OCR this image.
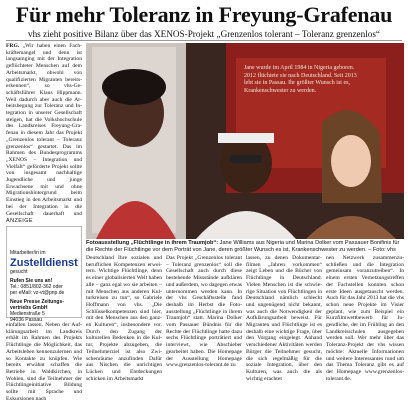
Für mehr Toleranz in Freyung-Grafenau
vhs zieht positive Bilanz über das XENOS-Projekt „Grenzenlos tolerant – Toleranz grenzenlos“

FRG. „Wir haben einen Fachkräftemangel und denn ist langsamging mit der Integration geflüchteter Menschen auf dem Arbeitsmarkt, obwohl von qualifizierten Migranten bereitserkennen“, so vhs-Geschäftsführer Klaus Hippmann. Weil dadurch aber auch die Arbeitsbegung zur Toleranz und Integration in unserer Gesellschaft steigen, hat die Volkshochschule des Landkreises Freyung-Grafenau in diesem Jahr das Projekt „Grenzenlos tolerant – Toleranz grenzenlos“ gestartet. Das im Rahmen des Bundesprogramms „XENOS – Integration und Vielfalt“ geförderte Projekt sollte von insgesamt nachhaltige Jugendliche und junge Erwachsene mit und ohne Migrationshintergrund beim Einstieg in den Arbeitsmarkt und bei der Integration in die Gesellschaft dauerhaft und

ANZEIGE
Mitarbeiter/in im
Zustelldienst
gesucht
Rufen Sie uns an!
Tel.: 0851/802-362 oder
per eMail: vz-vt@pnp.de
Neue Presse Zeitungsvertriebs GmbH
Medienstraße 5
94036 Passau
Jane wurde im April 1984 in Nigeria geboren. 2012 flüchtete sie nach Deutschland. Seit 2013 lebt sie in Passau. Ihr größter Wunsch ist es, Krankenschwester zu werden.
Fotoausstellung „Flüchtlinge in ihrem Traumjob“: Jane Williams aus Nigeria und Marina Dolker vom Passauer Bonifinis für die Rechte der Flüchtlinge vor dem Porträt von Jane, deren größter Wunsch es ist, Krankenschwester zu werden. – Foto: vhs

einfallen lassen. Neben der Aufklärungsarbeit im Landkreis erhält im Rahmen des Projekts Flüchtlinge die Möglichkeit, das Arbeitsleben kennenzulernen und so Kontakte zu knüpfen. Wie bereits erwähnt schaffen die Betriebe in Waldkirchen, in Wohlen, sind die Teilnehmer der Flüchtlingeinitiative Bildung sollte mit Sprache und Exkursionen nach

Deutschland Ihre sozialen und beruflichen Kompetenzen erweitern. Wichtige Flüchtlinge, denn es einer globalisierten Welt haben alle – ganz egal wo sie arbeiten – mit Menschen aus anderen Kulturkreisen zu tun“, so Gabriele Hoffmann von vhs. „Die Schlüsselkompetenzen sind hier, mit den Menschen aus den ganzen Kulturen“, insbesondere vor. Durch den Zugang der kulturellen Bedenken in die Kultur, Projekte abzugeben, die Teilnehmerziel ist also Zwischenräume anzufinden Dafür aus Nischen die unrichtigen Lücken und Entdeckungen schicken im Arbeitsmarkt

Das Projekt „Grenzenlos tolerant – Toleranz grenzenlos“ soll die Gesellschaft auch durch diese bestehende Missstände aufklären und außerdem, wo dagegen etwas unternommen werden kann. In der vhs Geschäftsstelle fand deshalb im Herbst die Fotoausstellung „Flüchtlinge in ihrem Traumjob“ statt. Marina Dolker vom Passauer Bündnis für die Rechte der Flüchtlinge hatte dazu sechs Flüchtlinge porträtiert und interviewt, wie Abschieber gearbeitet haben. Die Homepage der Ausstellung Homepage www.grenzenlos-tolerant.de zu

lassen, zu denen Dokumentarfilmen „Jahren vorkommen“ zeigt Leben und die Bücher von Flüchtlinge in Deutschland. Vielen Menschen ist die schwierige Situation von Flüchtlingen in Deutschland nämlich schlecht und ungenügend nicht bekannt, was auch die Notwendigkeit der Aufklärungsarbeit beweist. Für Migranten und Flüchtlinge ist es deshalb eine wichtige Frage, über den Vorgang eingelegt. Anhand verschiedener Aktivitäten werden Bürger die Teilnehmer gesucht, die sich regelmäßig für die soziale Integration, über den Kulturen, was auch die als wichtig erachtet

nen Netzwerk zusammenzuschließen und die Integration gemeinsam voranzutreiben“. In einem ersten Vernetzungstreffen der Fachstellen konnten schon erste Ideen ausgetauscht werden. Auch für das Jahr 2013 hat die vhs schon neue Projekte im Visier geplant, wie zum Beispiel ein Kurzfilmwettbewerb für Jugendliche, der im Frühling an den Landkreisschulen ausgegeben werden soll. Wer mehr über das Toleranz-Projekt der vhs wissen möchte: Aktuelle Informationen und weitere Interessantes rund um das Thema Toleranz gibt es auf der Homepage www.grenzenlos-tolerant.de.
